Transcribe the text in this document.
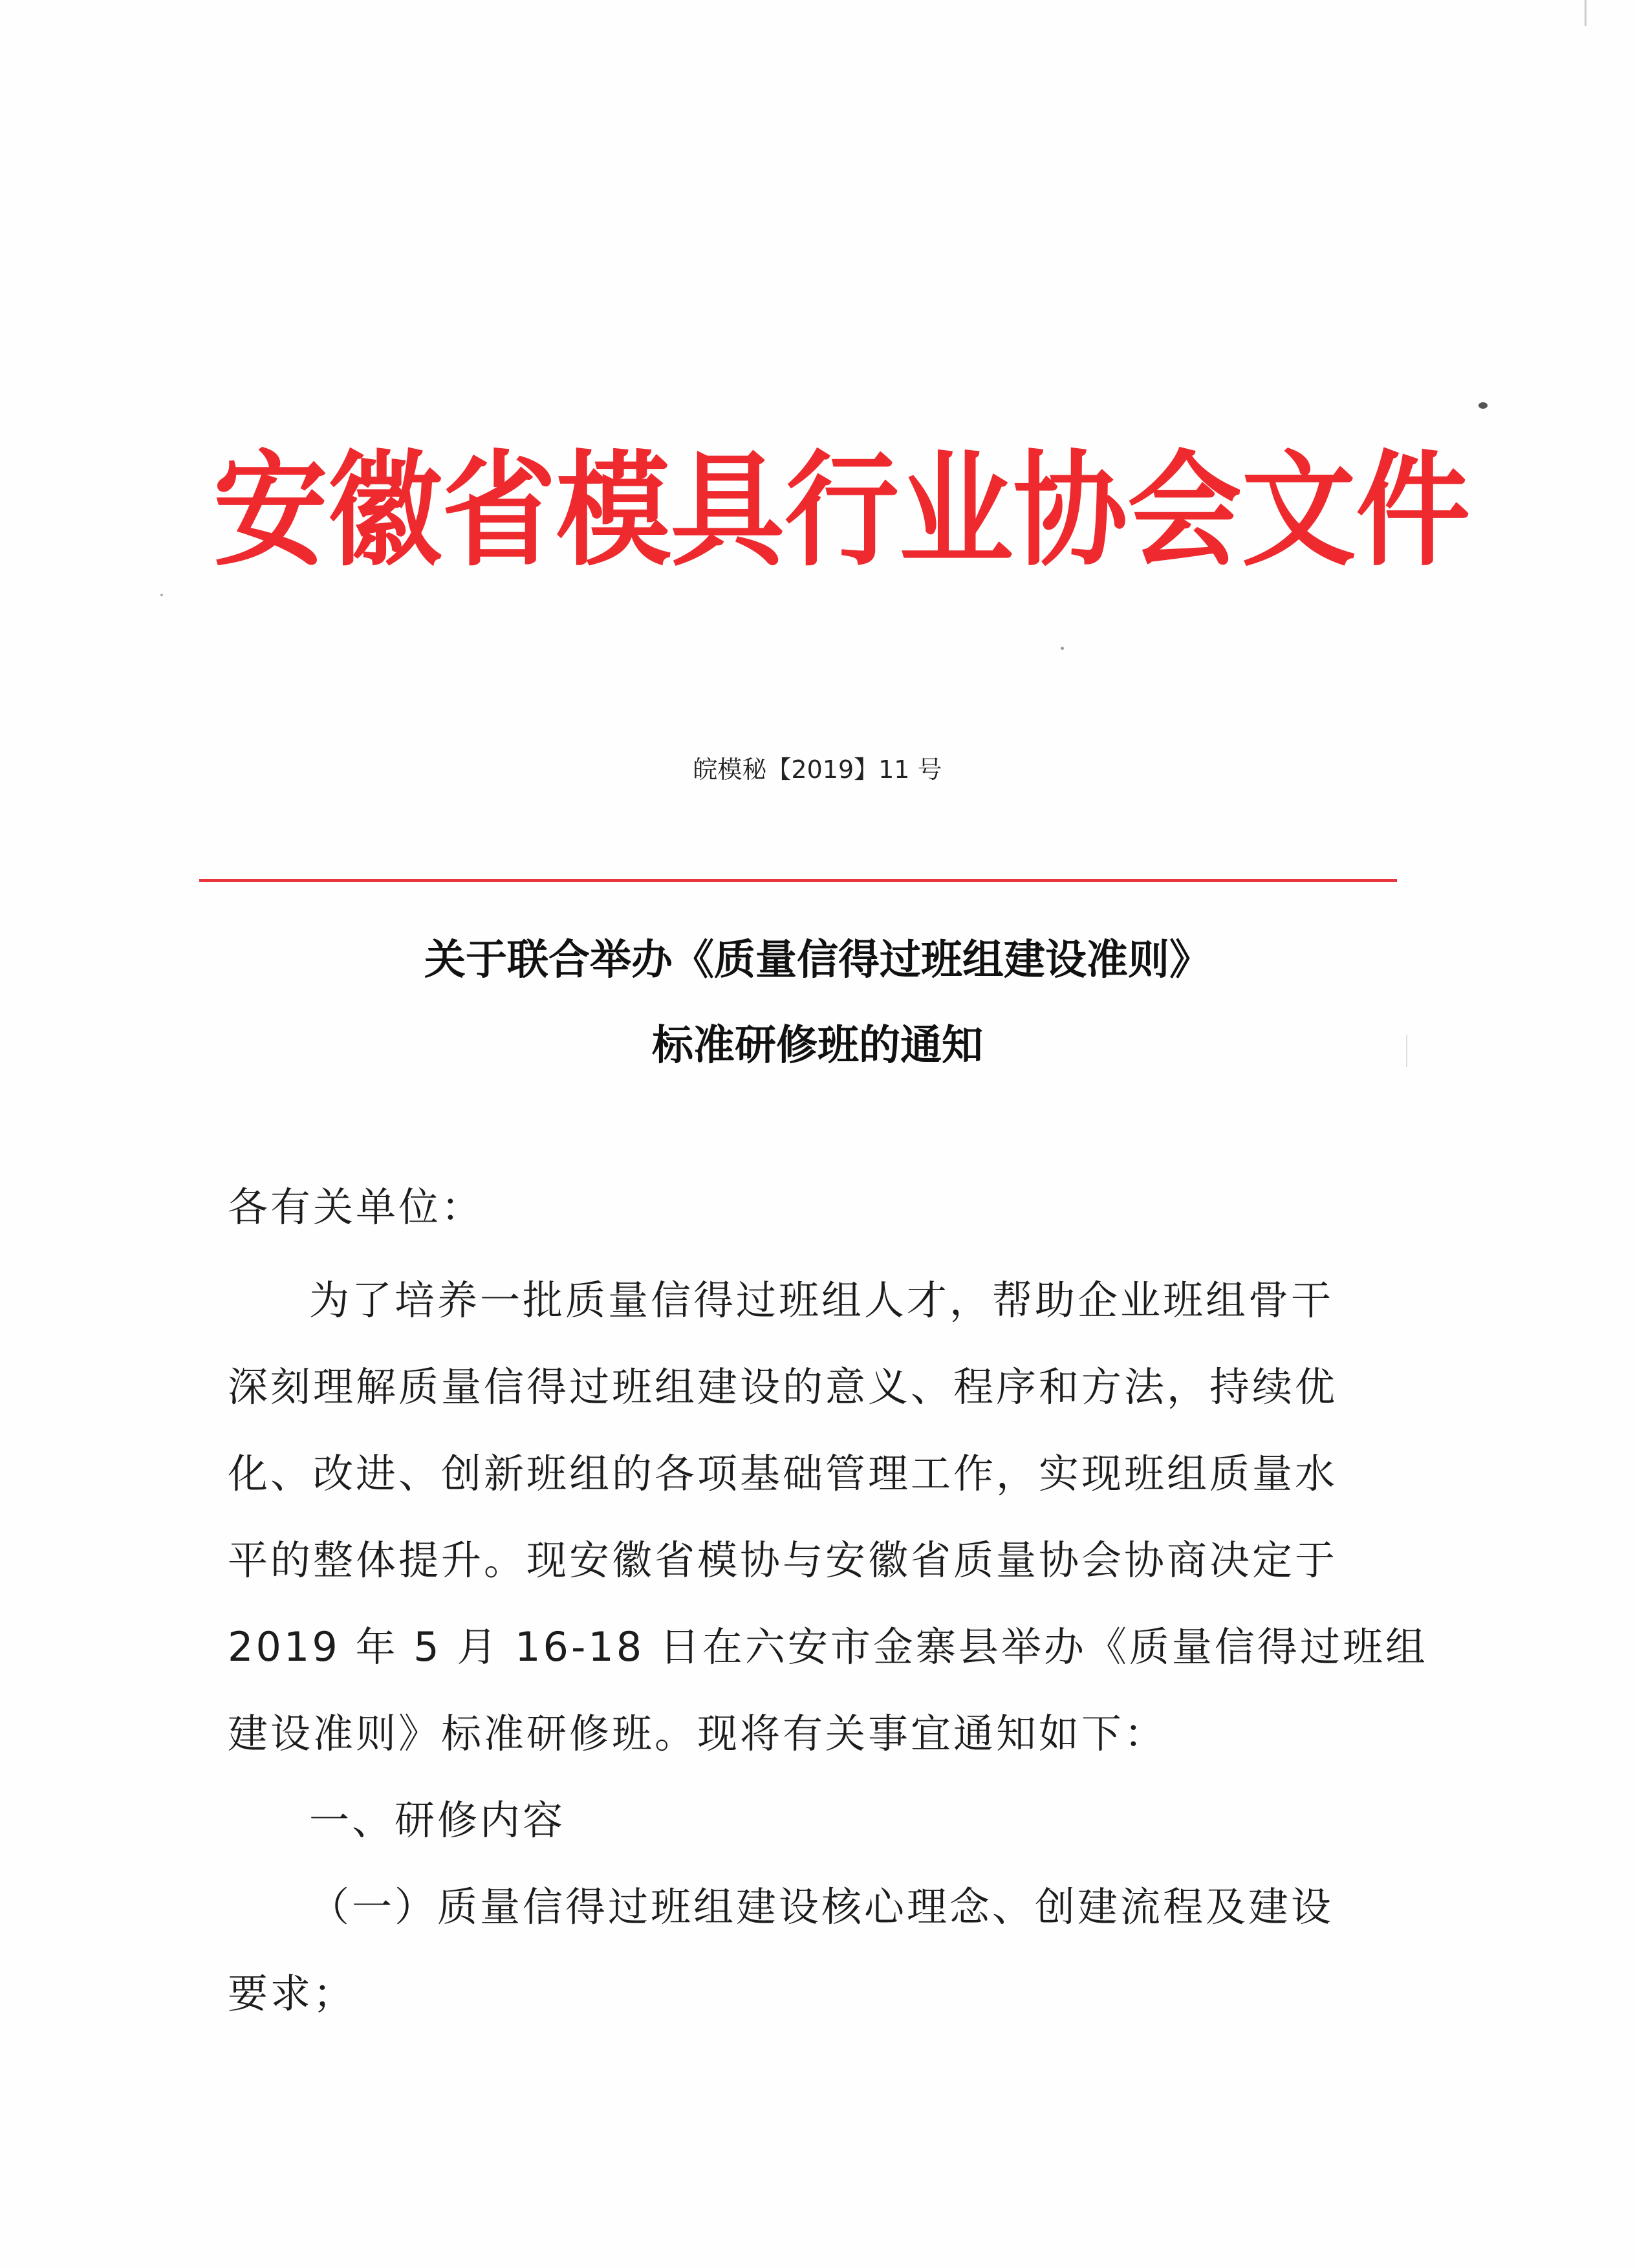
安徽省模具行业协会文件
皖模秘【2019】11 号
关于联合举办《质量信得过班组建设准则》
标准研修班的通知
各有关单位：
为了培养一批质量信得过班组人才，帮助企业班组骨干
深刻理解质量信得过班组建设的意义、程序和方法，持续优
化、改进、创新班组的各项基础管理工作，实现班组质量水
平的整体提升。现安徽省模协与安徽省质量协会协商决定于
2019 年 5 月 16-18 日在六安市金寨县举办《质量信得过班组
建设准则》标准研修班。现将有关事宜通知如下：
一、研修内容
（一）质量信得过班组建设核心理念、创建流程及建设
要求；
